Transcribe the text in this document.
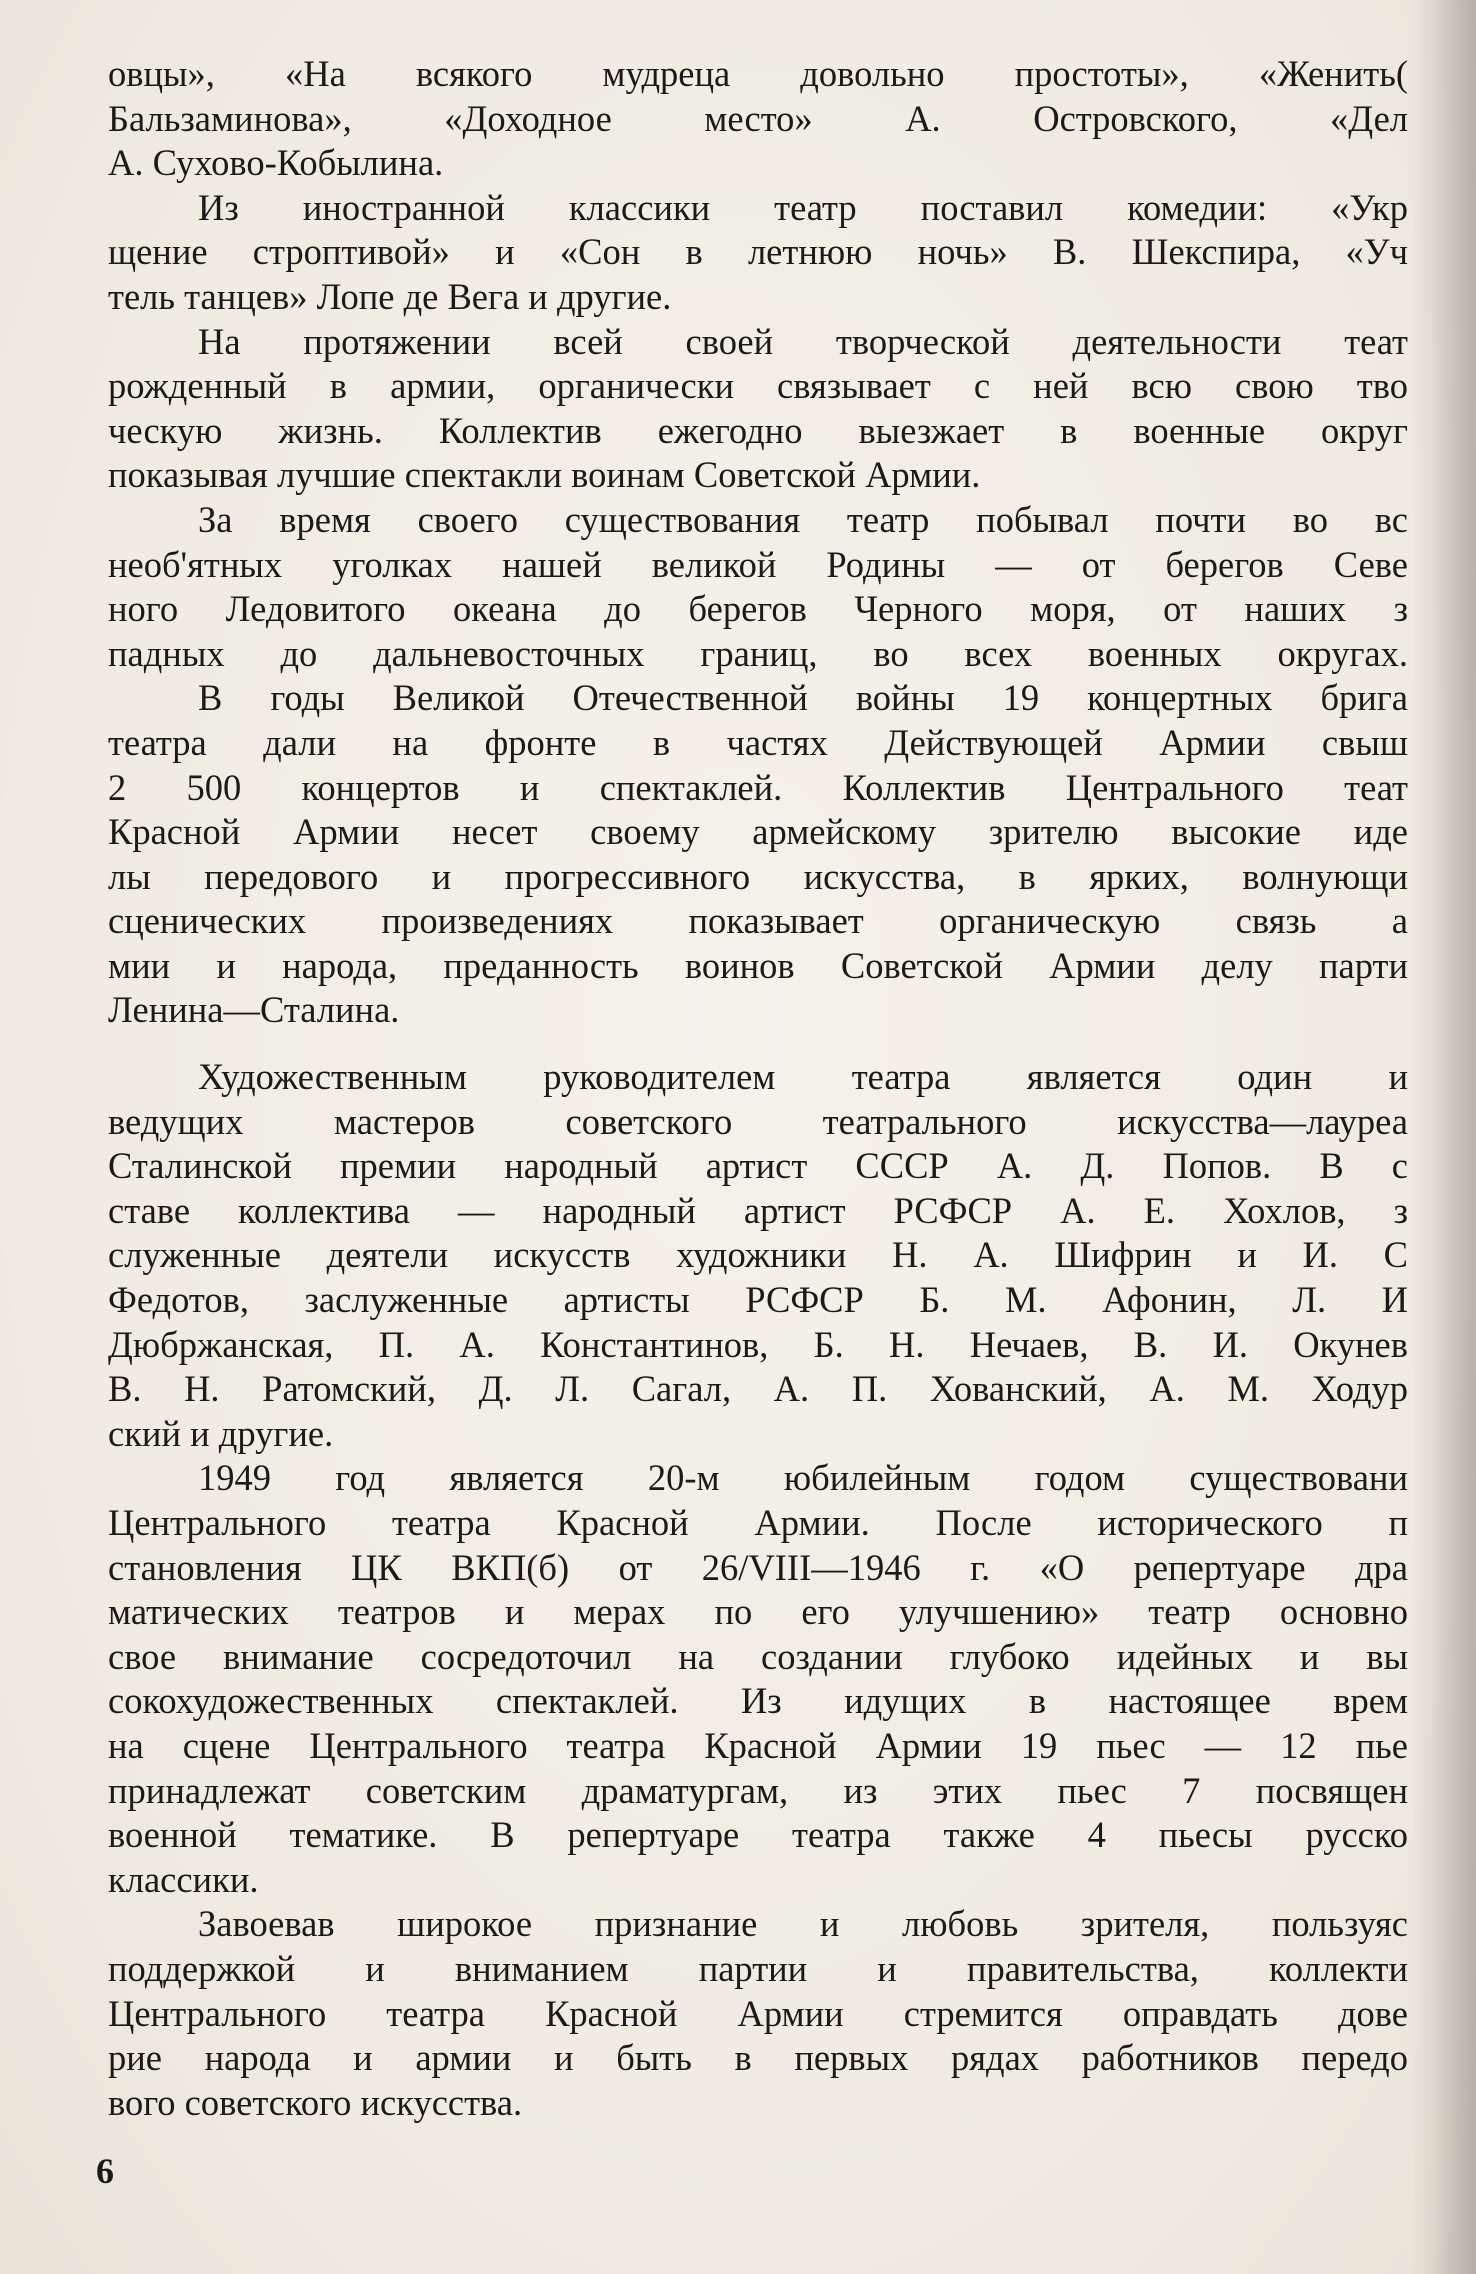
овцы», «На всякого мудреца довольно простоты», «Женить(
Бальзаминова», «Доходное место» А. Островского, «Дел
А. Сухово-Кобылина.
Из иностранной классики театр поставил комедии: «Укр
щение строптивой» и «Сон в летнюю ночь» В. Шекспира, «Уч
тель танцев» Лопе де Вега и другие.
На протяжении всей своей творческой деятельности теат
рожденный в армии, органически связывает с ней всю свою тво
ческую жизнь. Коллектив ежегодно выезжает в военные округ
показывая лучшие спектакли воинам Советской Армии.
За время своего существования театр побывал почти во вс
необ'ятных уголках нашей великой Родины — от берегов Севе
ного Ледовитого океана до берегов Черного моря, от наших з
падных до дальневосточных границ, во всех военных округах.
В годы Великой Отечественной войны 19 концертных брига
театра дали на фронте в частях Действующей Армии свыш
2 500 концертов и спектаклей. Коллектив Центрального теат
Красной Армии несет своему армейскому зрителю высокие иде
лы передового и прогрессивного искусства, в ярких, волнующи
сценических произведениях показывает органическую связь а
мии и народа, преданность воинов Советской Армии делу парти
Ленина—Сталина.
Художественным руководителем театра является один и
ведущих мастеров советского театрального искусства—лауреа
Сталинской премии народный артист СССР А. Д. Попов. В с
ставе коллектива — народный артист РСФСР А. Е. Хохлов, з
служенные деятели искусств художники Н. А. Шифрин и И. С
Федотов, заслуженные артисты РСФСР Б. М. Афонин, Л. И
Дюбржанская, П. А. Константинов, Б. Н. Нечаев, В. И. Окунев
В. Н. Ратомский, Д. Л. Сагал, А. П. Хованский, А. М. Ходур
ский и другие.
1949 год является 20-м юбилейным годом существовани
Центрального театра Красной Армии. После исторического п
становления ЦК ВКП(б) от 26/VIII—1946 г. «О репертуаре дра
матических театров и мерах по его улучшению» театр основно
свое внимание сосредоточил на создании глубоко идейных и вы
сокохудожественных спектаклей. Из идущих в настоящее врем
на сцене Центрального театра Красной Армии 19 пьес — 12 пье
принадлежат советским драматургам, из этих пьес 7 посвящен
военной тематике. В репертуаре театра также 4 пьесы русско
классики.
Завоевав широкое признание и любовь зрителя, пользуяс
поддержкой и вниманием партии и правительства, коллекти
Центрального театра Красной Армии стремится оправдать дове
рие народа и армии и быть в первых рядах работников передо
вого советского искусства.
6
